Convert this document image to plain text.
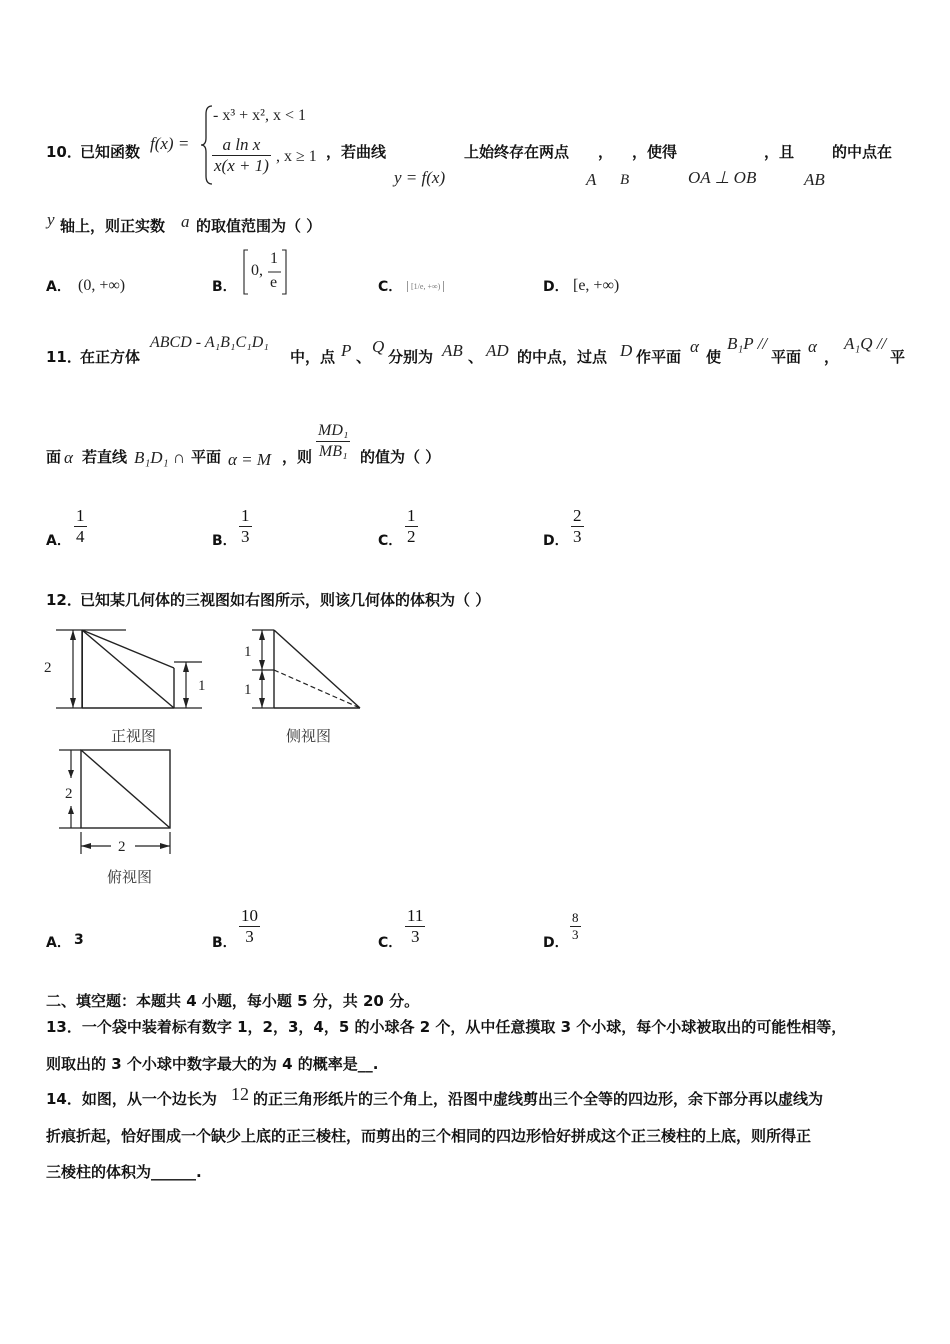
10．
已知函数 f(x) =
- x³ + x², x < 1
$\frac{\text{a ln x}}{x(x + 1)}$ , x ≥ 1 ，若曲线
y = f(x)
上始终存在两点 ，
A
，使得
B	OA ⊥ OB
，且
AB
的中点在
y 轴上，则正实数 a 的取值范围为（ ）
A． (0, +∞)	B．
0,
1
e	C．	[1/e, +∞)	D． [e, +∞)
11．
在正方体
ABCD - A₁B₁C₁D₁
中，点 P 、
Q
分别为 AB 、 AD 的中点，过点 D 作平面
α
使
B₁P //
平面
α
，
A₁Q //
平
面 α 若直线 B₁D₁ ∩ 平面 α = M ，则 $\frac{\text{MD₁}}{\text{MB₁}}$ 的值为（ ）
A． $\frac{1}{4}$	B． $\frac{1}{3}$	C． $\frac{1}{2}$	D． $\frac{2}{3}$
12．
已知某几何体的三视图如右图所示，则该几何体的体积为（ ）
2
1
正视图
1
1
侧视图
2
2
俯视图
A． 3	B． $\frac{10}{3}$	C． $\frac{11}{3}$	D． $\frac{8}{3}$
二、填空题：本题共 4 小题，每小题 5 分，共 20 分。
13．一个袋中装着标有数字 1，2，3，4，5 的小球各 2 个，从中任意摸取 3 个小球，每个小球被取出的可能性相等，
则取出的 3 个小球中数字最大的为 4 的概率是__.
14．如图，从一个边长为 12 的正三角形纸片的三个角上，沿图中虚线剪出三个全等的四边形，余下部分再以虚线为
折痕折起，恰好围成一个缺少上底的正三棱柱，而剪出的三个相同的四边形恰好拼成这个正三棱柱的上底，则所得正
三棱柱的体积为______.
